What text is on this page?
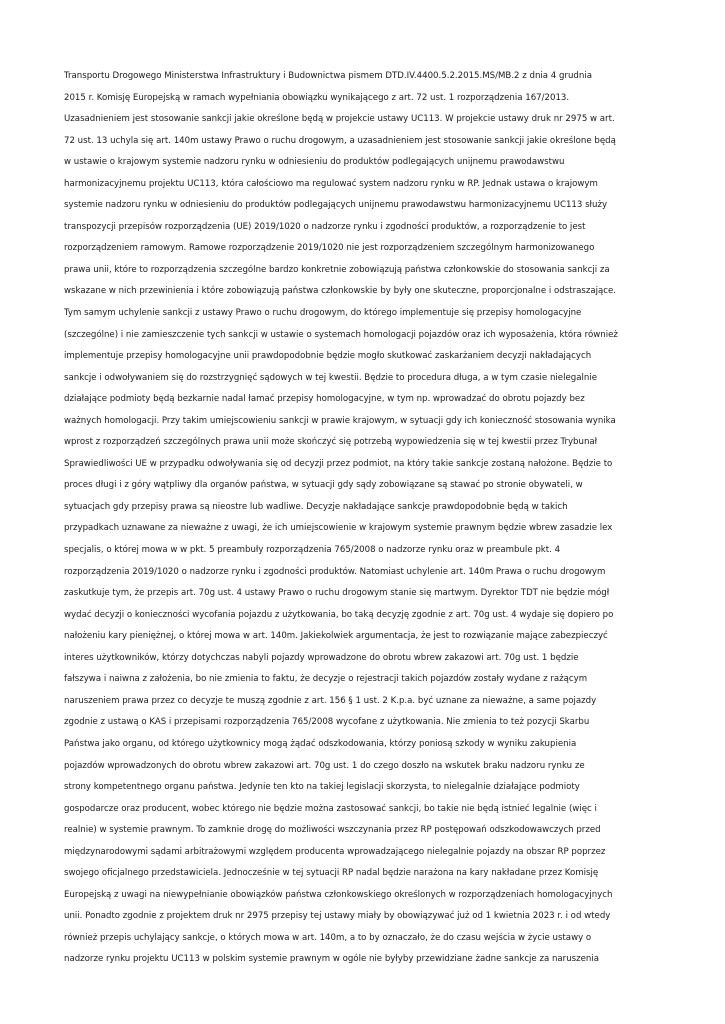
Transportu Drogowego Ministerstwa Infrastruktury i Budownictwa pismem DTD.IV.4400.5.2.2015.MS/MB.2 z dnia 4 grudnia
2015 r. Komisję Europejską w ramach wypełniania obowiązku wynikającego z art. 72 ust. 1 rozporządzenia 167/2013.
Uzasadnieniem jest stosowanie sankcji jakie określone będą w projekcie ustawy UC113. W projekcie ustawy druk nr 2975 w art.
72 ust. 13 uchyla się art. 140m ustawy Prawo o ruchu drogowym, a uzasadnieniem jest stosowanie sankcji jakie określone będą
w ustawie o krajowym systemie nadzoru rynku w odniesieniu do produktów podlegających unijnemu prawodawstwu
harmonizacyjnemu projektu UC113, która całościowo ma regulować system nadzoru rynku w RP. Jednak ustawa o krajowym
systemie nadzoru rynku w odniesieniu do produktów podlegających unijnemu prawodawstwu harmonizacyjnemu UC113 służy
transpozycji przepisów rozporządzenia (UE) 2019/1020 o nadzorze rynku i zgodności produktów, a rozporządzenie to jest
rozporządzeniem ramowym. Ramowe rozporządzenie 2019/1020 nie jest rozporządzeniem szczególnym harmonizowanego
prawa unii, które to rozporządzenia szczególne bardzo konkretnie zobowiązują państwa członkowskie do stosowania sankcji za
wskazane w nich przewinienia i które zobowiązują państwa członkowskie by były one skuteczne, proporcjonalne i odstraszające.
Tym samym uchylenie sankcji z ustawy Prawo o ruchu drogowym, do którego implementuje się przepisy homologacyjne
(szczególne) i nie zamieszczenie tych sankcji w ustawie o systemach homologacji pojazdów oraz ich wyposażenia, która również
implementuje przepisy homologacyjne unii prawdopodobnie będzie mogło skutkować zaskarżaniem decyzji nakładających
sankcje i odwoływaniem się do rozstrzygnięć sądowych w tej kwestii. Będzie to procedura długa, a w tym czasie nielegalnie
działające podmioty będą bezkarnie nadal łamać przepisy homologacyjne, w tym np. wprowadzać do obrotu pojazdy bez
ważnych homologacji. Przy takim umiejscowieniu sankcji w prawie krajowym, w sytuacji gdy ich konieczność stosowania wynika
wprost z rozporządzeń szczególnych prawa unii może skończyć się potrzebą wypowiedzenia się w tej kwestii przez Trybunał
Sprawiedliwości UE w przypadku odwoływania się od decyzji przez podmiot, na który takie sankcje zostaną nałożone. Będzie to
proces długi i z góry wątpliwy dla organów państwa, w sytuacji gdy sądy zobowiązane są stawać po stronie obywateli, w
sytuacjach gdy przepisy prawa są nieostre lub wadliwe. Decyzje nakładające sankcje prawdopodobnie będą w takich
przypadkach uznawane za nieważne z uwagi, że ich umiejscowienie w krajowym systemie prawnym będzie wbrew zasadzie lex
specjalis, o której mowa w w pkt. 5 preambuły rozporządzenia 765/2008 o nadzorze rynku oraz w preambule pkt. 4
rozporządzenia 2019/1020 o nadzorze rynku i zgodności produktów. Natomiast uchylenie art. 140m Prawa o ruchu drogowym
zaskutkuje tym, że przepis art. 70g ust. 4 ustawy Prawo o ruchu drogowym stanie się martwym. Dyrektor TDT nie będzie mógł
wydać decyzji o konieczności wycofania pojazdu z użytkowania, bo taką decyzję zgodnie z art. 70g ust. 4 wydaje się dopiero po
nałożeniu kary pieniężnej, o której mowa w art. 140m. Jakiekolwiek argumentacja, że jest to rozwiązanie mające zabezpieczyć
interes użytkowników, którzy dotychczas nabyli pojazdy wprowadzone do obrotu wbrew zakazowi art. 70g ust. 1 będzie
fałszywa i naiwna z założenia, bo nie zmienia to faktu, że decyzje o rejestracji takich pojazdów zostały wydane z rażącym
naruszeniem prawa przez co decyzje te muszą zgodnie z art. 156 § 1 ust. 2 K.p.a. być uznane za nieważne, a same pojazdy
zgodnie z ustawą o KAS i przepisami rozporządzenia 765/2008 wycofane z użytkowania. Nie zmienia to też pozycji Skarbu
Państwa jako organu, od którego użytkownicy mogą żądać odszkodowania, którzy poniosą szkody w wyniku zakupienia
pojazdów wprowadzonych do obrotu wbrew zakazowi art. 70g ust. 1 do czego doszło na wskutek braku nadzoru rynku ze
strony kompetentnego organu państwa. Jedynie ten kto na takiej legislacji skorzysta, to nielegalnie działające podmioty
gospodarcze oraz producent, wobec którego nie będzie można zastosować sankcji, bo takie nie będą istnieć legalnie (więc i
realnie) w systemie prawnym. To zamknie drogę do możliwości wszczynania przez RP postępowań odszkodowawczych przed
międzynarodowymi sądami arbitrażowymi względem producenta wprowadzającego nielegalnie pojazdy na obszar RP poprzez
swojego oficjalnego przedstawiciela. Jednocześnie w tej sytuacji RP nadal będzie narażona na kary nakładane przez Komisję
Europejską z uwagi na niewypełnianie obowiązków państwa członkowskiego określonych w rozporządzeniach homologacyjnych
unii. Ponadto zgodnie z projektem druk nr 2975 przepisy tej ustawy miały by obowiązywać już od 1 kwietnia 2023 r. i od wtedy
również przepis uchylający sankcje, o których mowa w art. 140m, a to by oznaczało, że do czasu wejścia w życie ustawy o
nadzorze rynku projektu UC113 w polskim systemie prawnym w ogóle nie byłyby przewidziane żadne sankcje za naruszenia
